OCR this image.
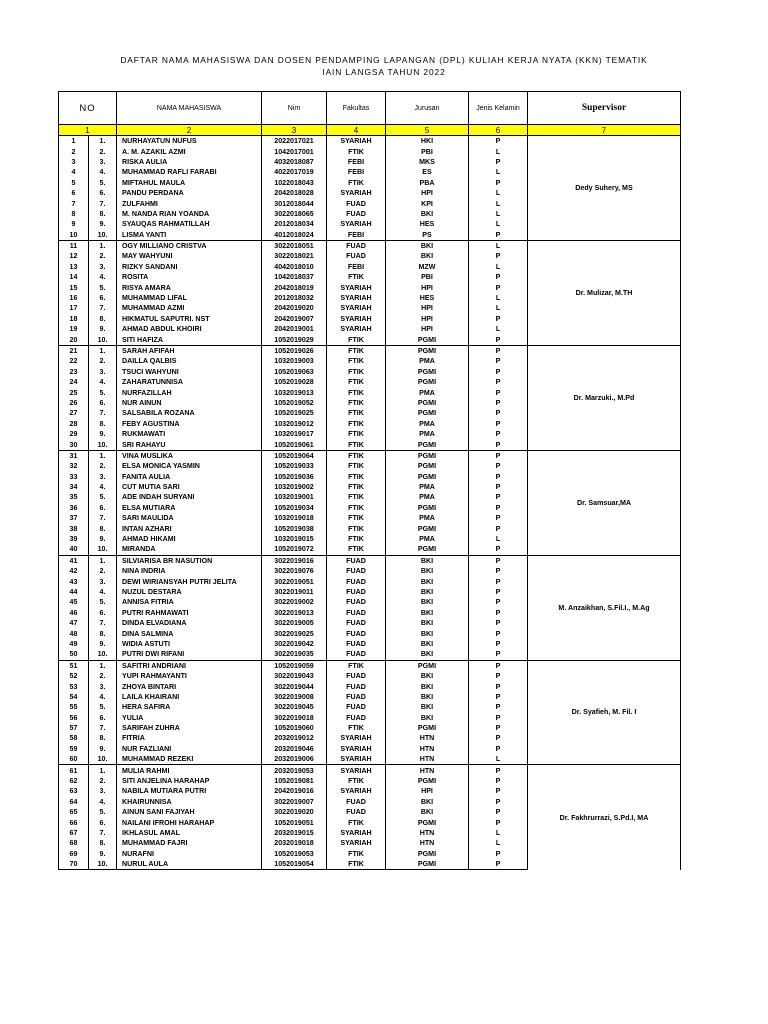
DAFTAR NAMA MAHASISWA DAN DOSEN PENDAMPING LAPANGAN (DPL) KULIAH KERJA NYATA (KKN) TEMATIK
IAIN LANGSA TAHUN 2022
NO		NAMA MAHASISWA	Nim	Fakultas	Jurusan	Jenis Kelamin	Supervisor
1		2	3	4	5	6	7
1	1.	NURHAYATUN NUFUS	2022017021	SYARIAH	HKI	P	Dedy Suhery, MS
2	2.	A. M. AZAKIL AZMI	1042017001	FTIK	PBI	L	
3	3.	RISKA AULIA	4032018087	FEBI	MKS	P	
4	4.	MUHAMMAD RAFLI FARABI	4022017019	FEBI	ES	L	
5	5.	MIFTAHUL MAULA	1022018043	FTIK	PBA	P	
6	6.	PANDU PERDANA	2042018028	SYARIAH	HPI	L	
7	7.	ZULFAHMI	3012018044	FUAD	KPI	L	
8	8.	M. NANDA RIAN YOANDA	3022018065	FUAD	BKI	L	
9	9.	SYAUQAS RAHMATILLAH	2012018034	SYARIAH	HES	L	
10	10.	LISMA YANTI	4012018024	FEBI	PS	P	
11	1.	OGY MILLIANO CRISTVA	3022018051	FUAD	BKI	L	Dr. Mulizar, M.TH
12	2.	MAY WAHYUNI	3022018021	FUAD	BKI	P	
13	3.	RIZKY SANDANI	4042018010	FEBI	MZW	L	
14	4.	ROSITA	1042018037	FTIK	PBI	P	
15	5.	RISYA AMARA	2042018019	SYARIAH	HPI	P	
16	6.	MUHAMMAD LIFAL	2012018032	SYARIAH	HES	L	
17	7.	MUHAMMAD AZMI	2042019020	SYARIAH	HPI	L	
18	8.	HIKMATUL SAPUTRI. NST	2042019007	SYARIAH	HPI	P	
19	9.	AHMAD ABDUL KHOIRI	2042019001	SYARIAH	HPI	L	
20	10.	SITI HAFIZA	1052019029	FTIK	PGMI	P	
21	1.	SARAH AFIFAH	1052019026	FTIK	PGMI	P	Dr. Marzuki., M.Pd
22	2.	DAILLA QALBIS	1032019003	FTIK	PMA	P	
23	3.	TSUCI WAHYUNI	1052019063	FTIK	PGMI	P	
24	4.	ZAHARATUNNISA	1052019028	FTIK	PGMI	P	
25	5.	NURFAZILLAH	1032019013	FTIK	PMA	P	
26	6.	NUR AINUN	1052019052	FTIK	PGMI	P	
27	7.	SALSABILA ROZANA	1052019025	FTIK	PGMI	P	
28	8.	FEBY AGUSTINA	1032019012	FTIK	PMA	P	
29	9.	RUKMAWATI	1032019017	FTIK	PMA	P	
30	10.	SRI RAHAYU	1052019061	FTIK	PGMI	P	
31	1.	VINA MUSLIKA	1052019064	FTIK	PGMI	P	Dr. Samsuar,MA
32	2.	ELSA MONICA YASMIN	1052019033	FTIK	PGMI	P	
33	3.	FANITA AULIA	1052019036	FTIK	PGMI	P	
34	4.	CUT MUTIA SARI	1032019002	FTIK	PMA	P	
35	5.	ADE INDAH SURYANI	1032019001	FTIK	PMA	P	
36	6.	ELSA MUTIARA	1052019034	FTIK	PGMI	P	
37	7.	SARI MAULIDA	1032019018	FTIK	PMA	P	
38	8.	INTAN AZHARI	1052019038	FTIK	PGMI	P	
39	9.	AHMAD HIKAMI	1032019015	FTIK	PMA	L	
40	10.	MIRANDA	1052019072	FTIK	PGMI	P	
41	1.	SILVIARISA BR NASUTION	3022019016	FUAD	BKI	P	M. Anzaikhan, S.Fil.I., M.Ag
42	2.	NINA INDRIA	3022019076	FUAD	BKI	P	
43	3.	DEWI WIRIANSYAH PUTRI JELITA	3022019051	FUAD	BKI	P	
44	4.	NUZUL DESTARA	3022019011	FUAD	BKI	P	
45	5.	ANNISA FITRIA	3022019002	FUAD	BKI	P	
46	6.	PUTRI RAHMAWATI	3022019013	FUAD	BKI	P	
47	7.	DINDA ELVADIANA	3022019005	FUAD	BKI	P	
48	8.	DINA SALMINA	3022019025	FUAD	BKI	P	
49	9.	WIDIA ASTUTI	3022019042	FUAD	BKI	P	
50	10.	PUTRI DWI RIFANI	3022019035	FUAD	BKI	P	
51	1.	SAFITRI ANDRIANI	1052019059	FTIK	PGMI	P	Dr. Syafieh, M. Fil. I
52	2.	YUPI RAHMAYANTI	3022019043	FUAD	BKI	P	
53	3.	ZHOYA BINTARI	3022019044	FUAD	BKI	P	
54	4.	LAILA KHAIRANI	3022019008	FUAD	BKI	P	
55	5.	HERA SAFIRA	3022019045	FUAD	BKI	P	
56	6.	YULIA	3022019018	FUAD	BKI	P	
57	7.	SARIFAH ZUHRA	1052019060	FTIK	PGMI	P	
58	8.	FITRIA	2032019012	SYARIAH	HTN	P	
59	9.	NUR FAZLIANI	2032019046	SYARIAH	HTN	P	
60	10.	MUHAMMAD REZEKI	2032019006	SYARIAH	HTN	L	
61	1.	MULIA RAHMI	2032019053	SYARIAH	HTN	P	Dr. Fakhrurrazi, S.Pd.I, MA
62	2.	SITI ANJELINA HARAHAP	1052019081	FTIK	PGMI	P	
63	3.	NABILA MUTIARA PUTRI	2042019016	SYARIAH	HPI	P	
64	4.	KHAIRUNNISA	3022019007	FUAD	BKI	P	
65	5.	AINUN SANI FAJIYAH	3022019020	FUAD	BKI	P	
66	6.	NAILANI IFROHI HARAHAP	1052019051	FTIK	PGMI	P	
67	7.	IKHLASUL AMAL	2032019015	SYARIAH	HTN	L	
68	8.	MUHAMMAD FAJRI	2032019018	SYARIAH	HTN	L	
69	9.	NURAFNI	1052019053	FTIK	PGMI	P	
70	10.	NURUL AULA	1052019054	FTIK	PGMI	P	
